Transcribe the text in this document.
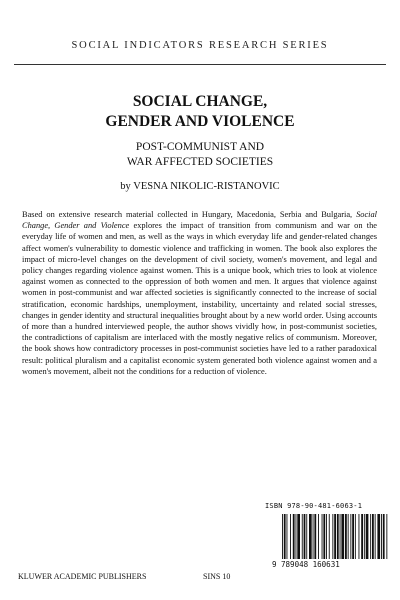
SOCIAL INDICATORS RESEARCH SERIES
SOCIAL CHANGE,
GENDER AND VIOLENCE
POST-COMMUNIST AND
WAR AFFECTED SOCIETIES
by VESNA NIKOLIC-RISTANOVIC

Based on extensive research material collected in Hungary, Macedonia, Serbia and Bulgaria, Social Change, Gender and Violence explores the impact of transition from communism and war on the everyday life of women and men, as well as the ways in which everyday life and gender-related changes affect women's vulnerability to domestic violence and trafficking in women. The book also explores the impact of micro-level changes on the development of civil society, women's movement, and legal and policy changes regarding violence against women. This is a unique book, which tries to look at violence against women as connected to the oppression of both women and men. It argues that violence against women in post-communist and war affected societies is significantly connected to the increase of social stratification, economic hardships, unemployment, instability, uncertainty and related social stresses, changes in gender identity and structural inequalities brought about by a new world order. Using accounts of more than a hundred interviewed people, the author shows vividly how, in post-communist societies, the contradictions of capitalism are interlaced with the mostly negative relics of communism. Moreover, the book shows how contradictory processes in post-communist societies have led to a rather paradoxical result: political pluralism and a capitalist economic system generated both violence against women and a women's movement, albeit not the conditions for a reduction of violence.

ISBN 978-90-481-6063-1
9 789048 160631
KLUWER ACADEMIC PUBLISHERS	SINS 10
